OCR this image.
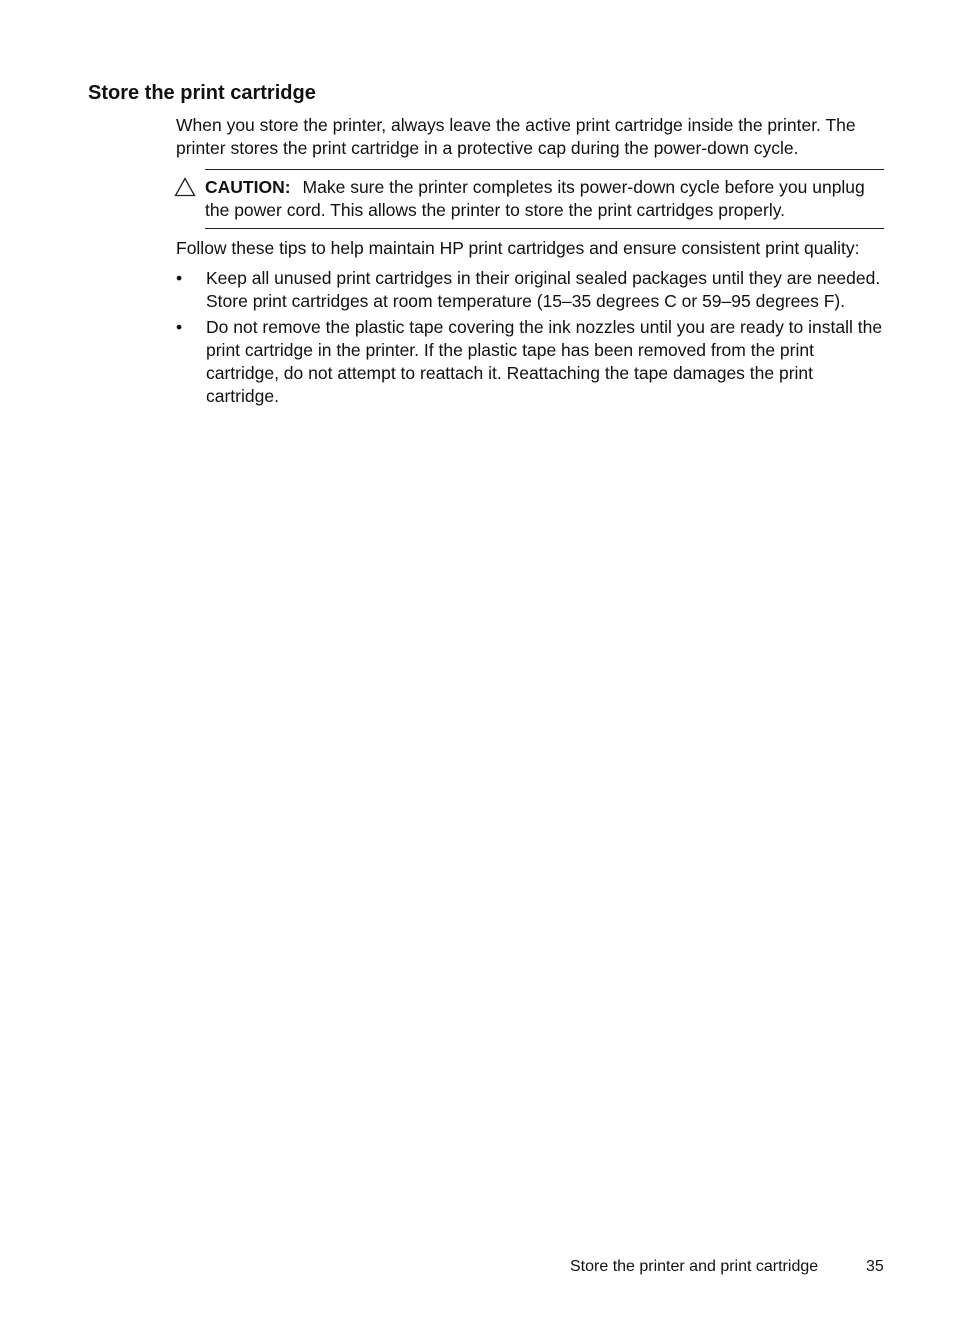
Store the print cartridge

When you store the printer, always leave the active print cartridge inside the printer. The printer stores the print cartridge in a protective cap during the power-down cycle.

CAUTION: Make sure the printer completes its power-down cycle before you unplug the power cord. This allows the printer to store the print cartridges properly.

Follow these tips to help maintain HP print cartridges and ensure consistent print quality:

• Keep all unused print cartridges in their original sealed packages until they are needed. Store print cartridges at room temperature (15–35 degrees C or 59–95 degrees F).
• Do not remove the plastic tape covering the ink nozzles until you are ready to install the print cartridge in the printer. If the plastic tape has been removed from the print cartridge, do not attempt to reattach it. Reattaching the tape damages the print cartridge.
Store the printer and print cartridge	35
